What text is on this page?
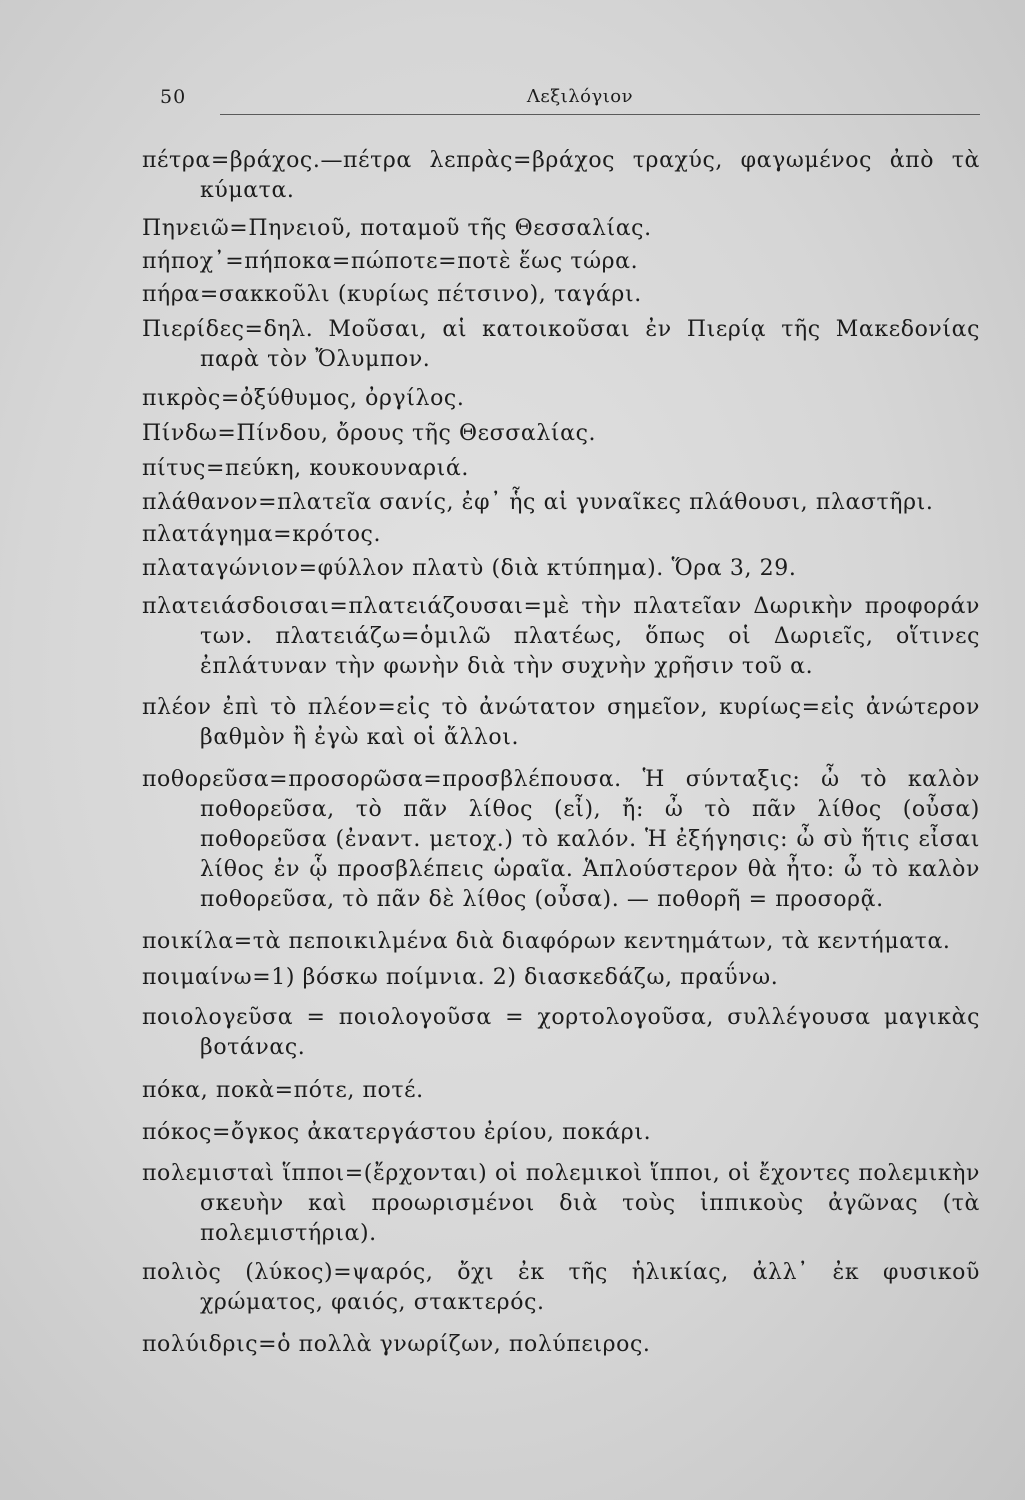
50	Λεξιλόγιον

πέτρα=βράχος.—πέτρα λεπρὰς=βράχος τραχύς, φαγωμένος ἀπὸ τὰ κύματα.

Πηνειῶ=Πηνειοῦ, ποταμοῦ τῆς Θεσσαλίας.

πήποχ᾽=πήποκα=πώποτε=ποτὲ ἕως τώρα.

πήρα=σακκοῦλι (κυρίως πέτσινο), ταγάρι.

Πιερίδες=δηλ. Μοῦσαι, αἱ κατοικοῦσαι ἐν Πιερίᾳ τῆς Μακεδονίας παρὰ τὸν Ὄλυμπον.

πικρὸς=ὀξύθυμος, ὀργίλος.

Πίνδω=Πίνδου, ὄρους τῆς Θεσσαλίας.

πίτυς=πεύκη, κουκουναριά.

πλάθανον=πλατεῖα σανίς, ἐφ᾽ ἧς αἱ γυναῖκες πλάθουσι, πλαστῆρι.

πλατάγημα=κρότος.

πλαταγώνιον=φύλλον πλατὺ (διὰ κτύπημα). Ὅρα 3, 29.

πλατειάσδοισαι=πλατειάζουσαι=μὲ τὴν πλατεῖαν Δωρικὴν προφοράν των. πλατειάζω=ὁμιλῶ πλατέως, ὅπως οἱ Δωριεῖς, οἵτινες ἐπλάτυναν τὴν φωνὴν διὰ τὴν συχνὴν χρῆσιν τοῦ α.

πλέον ἐπὶ τὸ πλέον=εἰς τὸ ἀνώτατον σημεῖον, κυρίως=εἰς ἀνώτερον βαθμὸν ἢ ἐγὼ καὶ οἱ ἄλλοι.

ποθορεῦσα=προσορῶσα=προσβλέπουσα. Ἡ σύνταξις: ὦ τὸ καλὸν ποθορεῦσα, τὸ πᾶν λίθος (εἶ), ἤ: ὦ τὸ πᾶν λίθος (οὖσα) ποθορεῦσα (ἐναντ. μετοχ.) τὸ καλόν. Ἡ ἐξήγησις: ὦ σὺ ἥτις εἶσαι λίθος ἐν ᾧ προσβλέπεις ὡραῖα. Ἁπλούστερον θὰ ἦτο: ὦ τὸ καλὸν ποθορεῦσα, τὸ πᾶν δὲ λίθος (οὖσα). — ποθορῆ = προσορᾷ.

ποικίλα=τὰ πεποικιλμένα διὰ διαφόρων κεντημάτων, τὰ κεντήματα.

ποιμαίνω=1) βόσκω ποίμνια. 2) διασκεδάζω, πραΰνω.

ποιολογεῦσα = ποιολογοῦσα = χορτολογοῦσα, συλλέγουσα μαγικὰς βοτάνας.

πόκα, ποκὰ=πότε, ποτέ.

πόκος=ὄγκος ἀκατεργάστου ἐρίου, ποκάρι.

πολεμισταὶ ἵπποι=(ἔρχονται) οἱ πολεμικοὶ ἵπποι, οἱ ἔχοντες πολεμικὴν σκευὴν καὶ προωρισμένοι διὰ τοὺς ἱππικοὺς ἀγῶνας (τὰ πολεμιστήρια).

πολιὸς (λύκος)=ψαρός, ὄχι ἐκ τῆς ἡλικίας, ἀλλ᾽ ἐκ φυσικοῦ χρώματος, φαιός, στακτερός.

πολύιδρις=ὁ πολλὰ γνωρίζων, πολύπειρος.
